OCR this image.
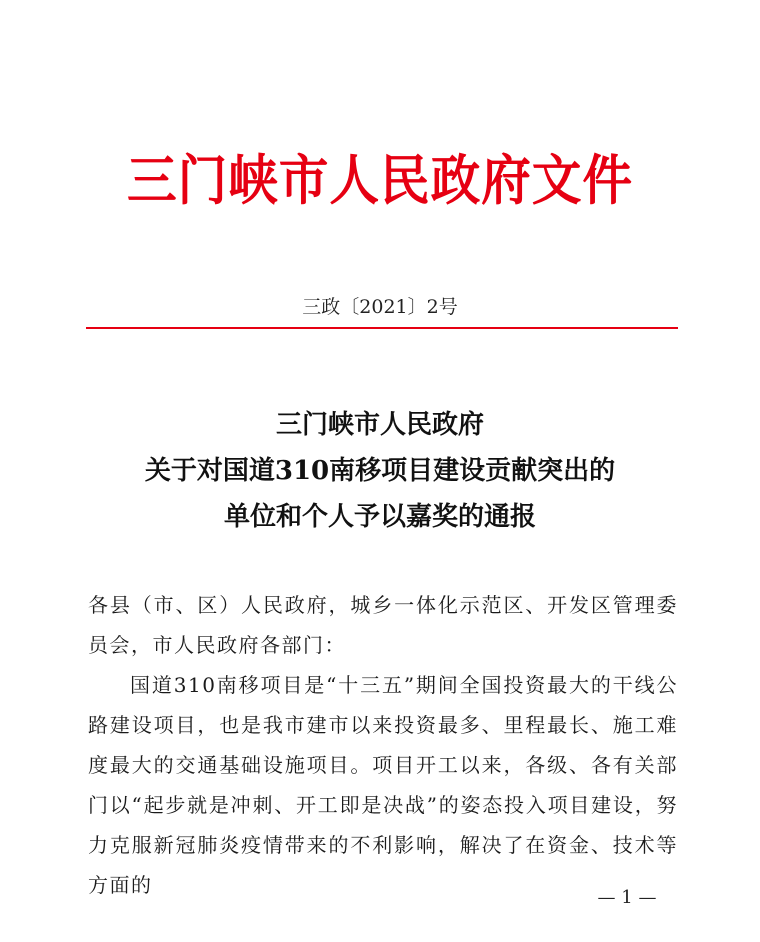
三门峡市人民政府文件
三政〔2021〕2号
三门峡市人民政府
关于对国道310南移项目建设贡献突出的
单位和个人予以嘉奖的通报

各县（市、区）人民政府，城乡一体化示范区、开发区管理委员会，市人民政府各部门：

国道310南移项目是“十三五”期间全国投资最大的干线公路建设项目，也是我市建市以来投资最多、里程最长、施工难度最大的交通基础设施项目。项目开工以来，各级、各有关部门以“起步就是冲刺、开工即是决战”的姿态投入项目建设，努力克服新冠肺炎疫情带来的不利影响，解决了在资金、技术等方面的

— 1 —
